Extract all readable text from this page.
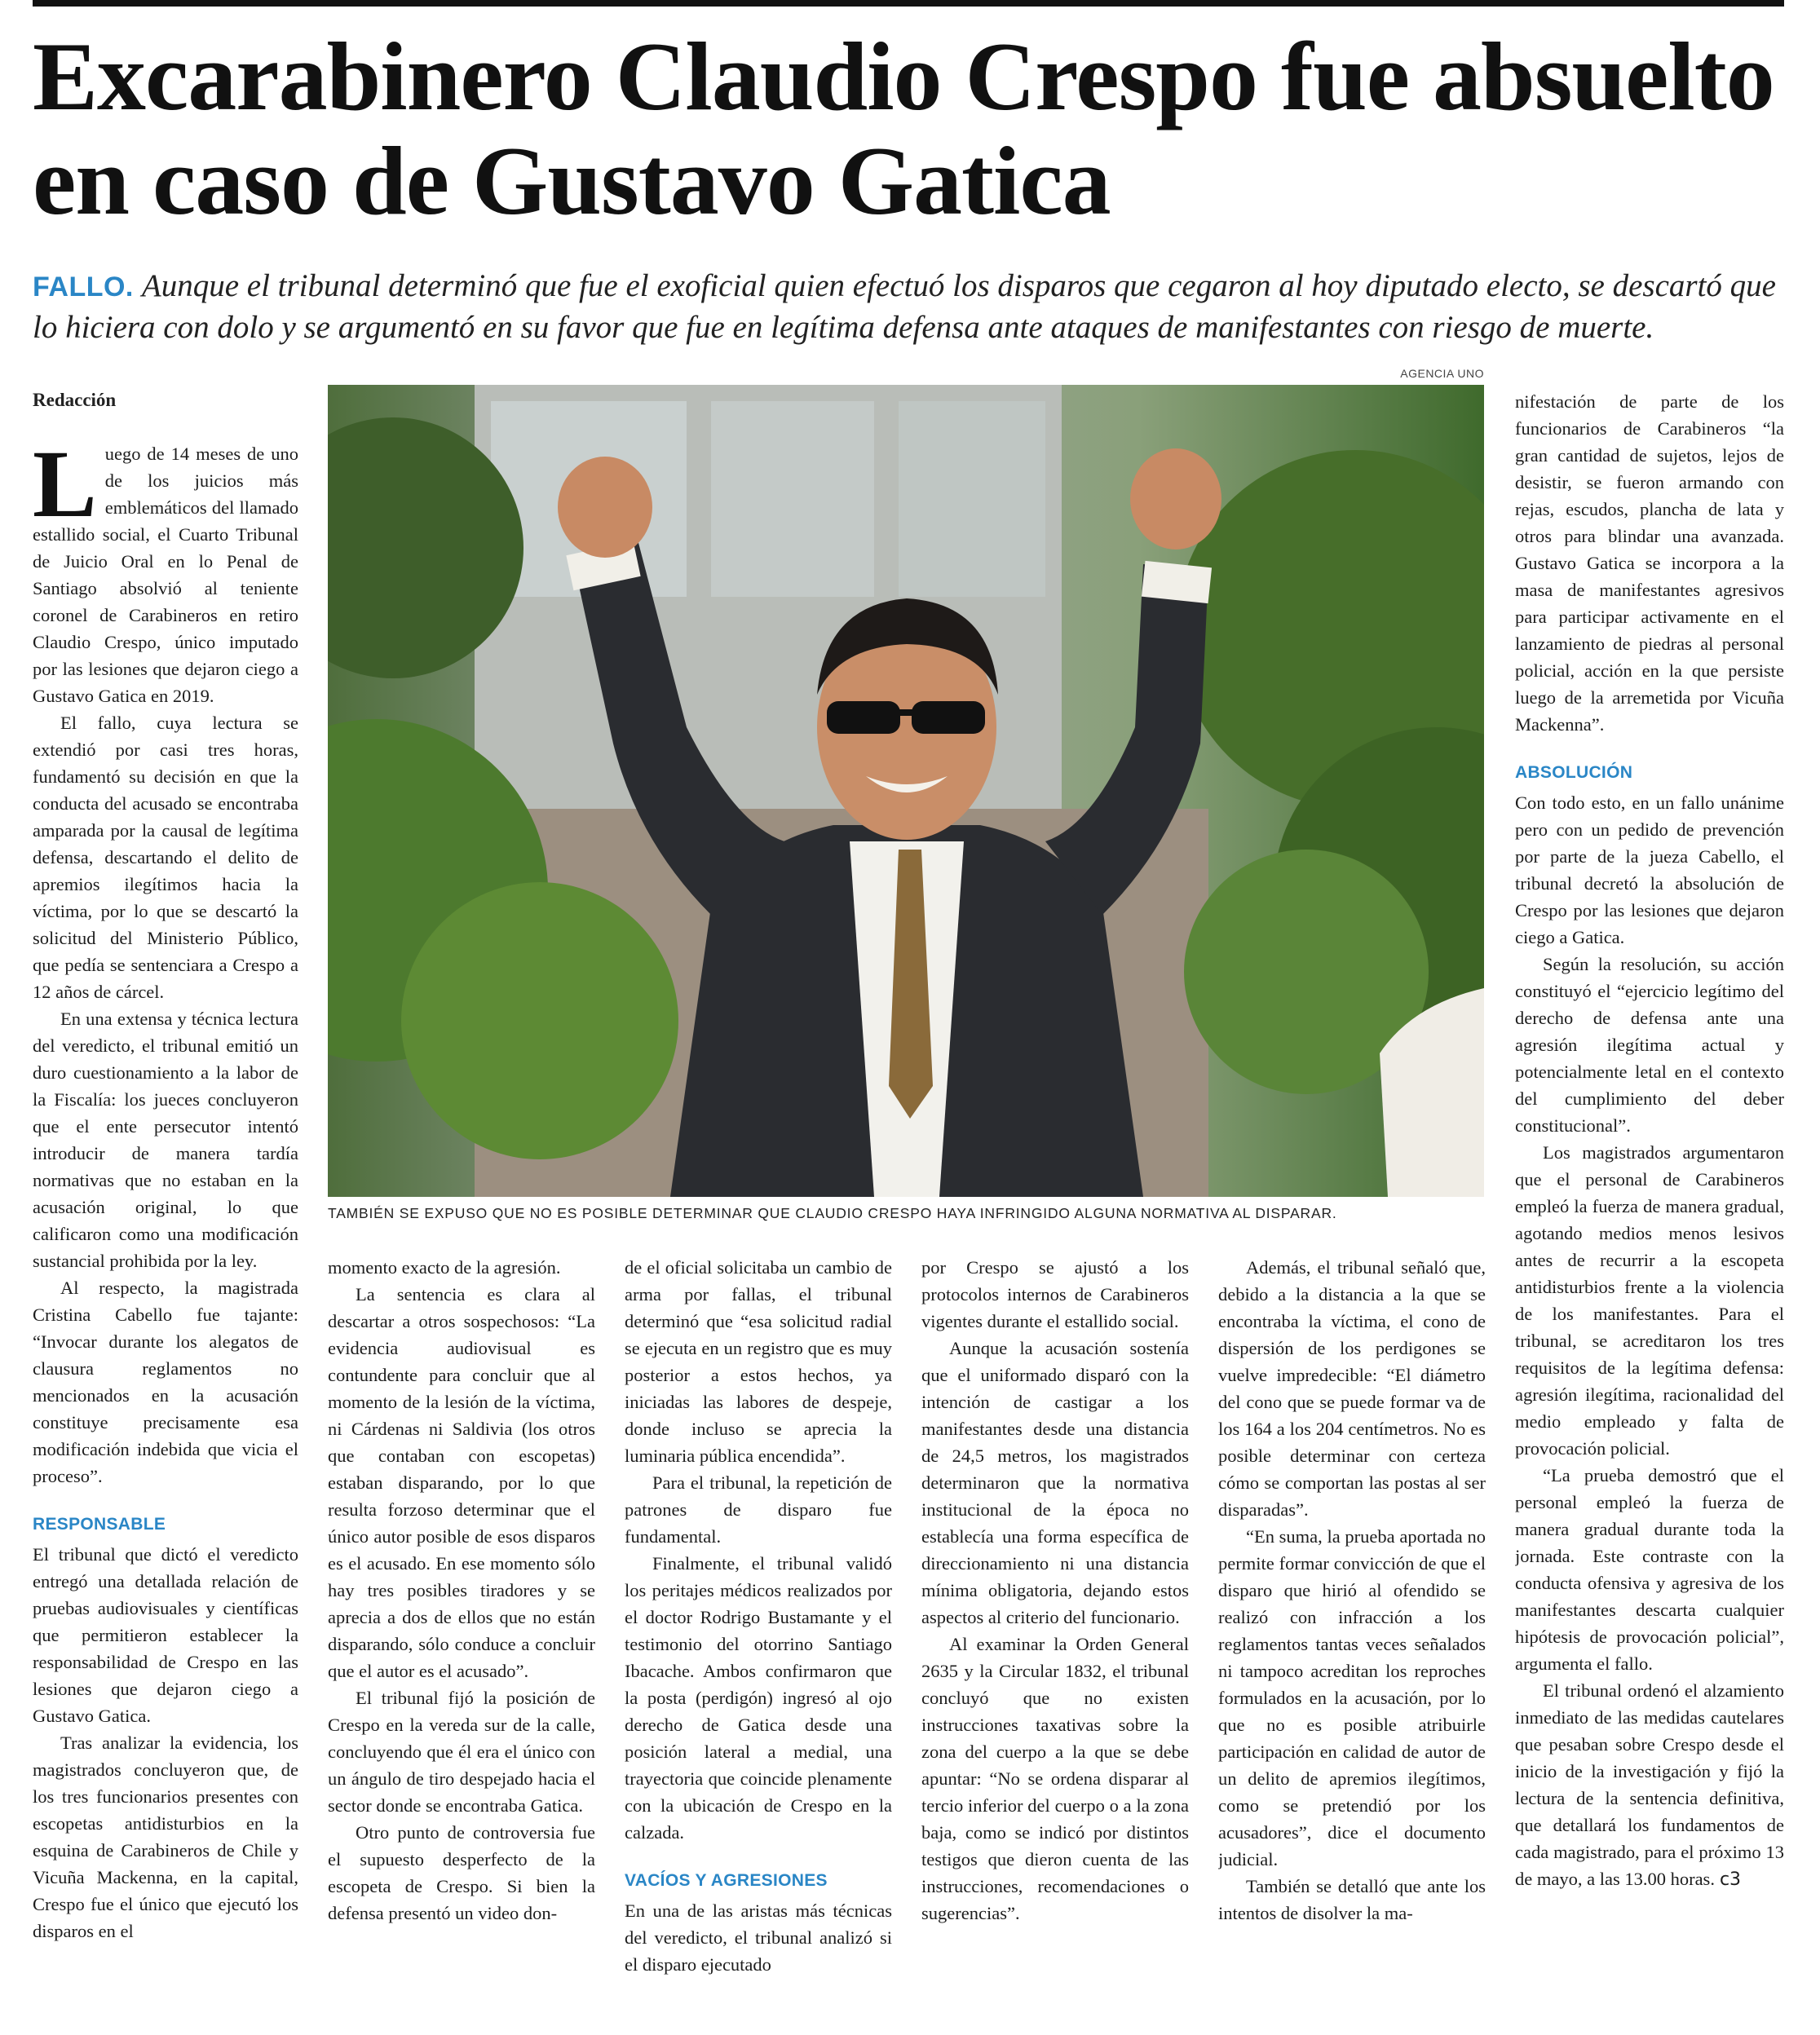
Excarabinero Claudio Crespo fue absuelto en caso de Gustavo Gatica

FALLO. Aunque el tribunal determinó que fue el exoficial quien efectuó los disparos que cegaron al hoy diputado electo, se descartó que lo hiciera con dolo y se argumentó en su favor que fue en legítima defensa ante ataques de manifestantes con riesgo de muerte.

Redacción

Luego de 14 meses de uno de los juicios más emblemáticos del llamado estallido social, el Cuarto Tribunal de Juicio Oral en lo Penal de Santiago absolvió al teniente coronel de Carabineros en retiro Claudio Crespo, único imputado por las lesiones que dejaron ciego a Gustavo Gatica en 2019.

El fallo, cuya lectura se extendió por casi tres horas, fundamentó su decisión en que la conducta del acusado se encontraba amparada por la causal de legítima defensa, descartando el delito de apremios ilegítimos hacia la víctima, por lo que se descartó la solicitud del Ministerio Público, que pedía se sentenciara a Crespo a 12 años de cárcel.

En una extensa y técnica lectura del veredicto, el tribunal emitió un duro cuestionamiento a la labor de la Fiscalía: los jueces concluyeron que el ente persecutor intentó introducir de manera tardía normativas que no estaban en la acusación original, lo que calificaron como una modificación sustancial prohibida por la ley.

Al respecto, la magistrada Cristina Cabello fue tajante: “Invocar durante los alegatos de clausura reglamentos no mencionados en la acusación constituye precisamente esa modificación indebida que vicia el proceso”.

RESPONSABLE

El tribunal que dictó el veredicto entregó una detallada relación de pruebas audiovisuales y científicas que permitieron establecer la responsabilidad de Crespo en las lesiones que dejaron ciego a Gustavo Gatica.

Tras analizar la evidencia, los magistrados concluyeron que, de los tres funcionarios presentes con escopetas antidisturbios en la esquina de Carabineros de Chile y Vicuña Mackenna, en la capital, Crespo fue el único que ejecutó los disparos en el

AGENCIA UNO
TAMBIÉN SE EXPUSO QUE NO ES POSIBLE DETERMINAR QUE CLAUDIO CRESPO HAYA INFRINGIDO ALGUNA NORMATIVA AL DISPARAR.

momento exacto de la agresión.

La sentencia es clara al descartar a otros sospechosos: “La evidencia audiovisual es contundente para concluir que al momento de la lesión de la víctima, ni Cárdenas ni Saldivia (los otros que contaban con escopetas) estaban disparando, por lo que resulta forzoso determinar que el único autor posible de esos disparos es el acusado. En ese momento sólo hay tres posibles tiradores y se aprecia a dos de ellos que no están disparando, sólo conduce a concluir que el autor es el acusado”.

El tribunal fijó la posición de Crespo en la vereda sur de la calle, concluyendo que él era el único con un ángulo de tiro despejado hacia el sector donde se encontraba Gatica.

Otro punto de controversia fue el supuesto desperfecto de la escopeta de Crespo. Si bien la defensa presentó un video don-

de el oficial solicitaba un cambio de arma por fallas, el tribunal determinó que “esa solicitud radial se ejecuta en un registro que es muy posterior a estos hechos, ya iniciadas las labores de despeje, donde incluso se aprecia la luminaria pública encendida”.

Para el tribunal, la repetición de patrones de disparo fue fundamental.

Finalmente, el tribunal validó los peritajes médicos realizados por el doctor Rodrigo Bustamante y el testimonio del otorrino Santiago Ibacache. Ambos confirmaron que la posta (perdigón) ingresó al ojo derecho de Gatica desde una posición lateral a medial, una trayectoria que coincide plenamente con la ubicación de Crespo en la calzada.

VACÍOS Y AGRESIONES

En una de las aristas más técnicas del veredicto, el tribunal analizó si el disparo ejecutado

por Crespo se ajustó a los protocolos internos de Carabineros vigentes durante el estallido social.

Aunque la acusación sostenía que el uniformado disparó con la intención de castigar a los manifestantes desde una distancia de 24,5 metros, los magistrados determinaron que la normativa institucional de la época no establecía una forma específica de direccionamiento ni una distancia mínima obligatoria, dejando estos aspectos al criterio del funcionario.

Al examinar la Orden General 2635 y la Circular 1832, el tribunal concluyó que no existen instrucciones taxativas sobre la zona del cuerpo a la que se debe apuntar: “No se ordena disparar al tercio inferior del cuerpo o a la zona baja, como se indicó por distintos testigos que dieron cuenta de las instrucciones, recomendaciones o sugerencias”.

Además, el tribunal señaló que, debido a la distancia a la que se encontraba la víctima, el cono de dispersión de los perdigones se vuelve impredecible: “El diámetro del cono que se puede formar va de los 164 a los 204 centímetros. No es posible determinar con certeza cómo se comportan las postas al ser disparadas”.

“En suma, la prueba aportada no permite formar convicción de que el disparo que hirió al ofendido se realizó con infracción a los reglamentos tantas veces señalados ni tampoco acreditan los reproches formulados en la acusación, por lo que no es posible atribuirle participación en calidad de autor de un delito de apremios ilegítimos, como se pretendió por los acusadores”, dice el documento judicial.

También se detalló que ante los intentos de disolver la ma-

nifestación de parte de los funcionarios de Carabineros “la gran cantidad de sujetos, lejos de desistir, se fueron armando con rejas, escudos, plancha de lata y otros para blindar una avanzada. Gustavo Gatica se incorpora a la masa de manifestantes agresivos para participar activamente en el lanzamiento de piedras al personal policial, acción en la que persiste luego de la arremetida por Vicuña Mackenna”.

ABSOLUCIÓN

Con todo esto, en un fallo unánime pero con un pedido de prevención por parte de la jueza Cabello, el tribunal decretó la absolución de Crespo por las lesiones que dejaron ciego a Gatica.

Según la resolución, su acción constituyó el “ejercicio legítimo del derecho de defensa ante una agresión ilegítima actual y potencialmente letal en el contexto del cumplimiento del deber constitucional”.

Los magistrados argumentaron que el personal de Carabineros empleó la fuerza de manera gradual, agotando medios menos lesivos antes de recurrir a la escopeta antidisturbios frente a la violencia de los manifestantes. Para el tribunal, se acreditaron los tres requisitos de la legítima defensa: agresión ilegítima, racionalidad del medio empleado y falta de provocación policial.

“La prueba demostró que el personal empleó la fuerza de manera gradual durante toda la jornada. Este contraste con la conducta ofensiva y agresiva de los manifestantes descarta cualquier hipótesis de provocación policial”, argumenta el fallo.

El tribunal ordenó el alzamiento inmediato de las medidas cautelares que pesaban sobre Crespo desde el inicio de la investigación y fijó la lectura de la sentencia definitiva, que detallará los fundamentos de cada magistrado, para el próximo 13 de mayo, a las 13.00 horas. ᴄ3
